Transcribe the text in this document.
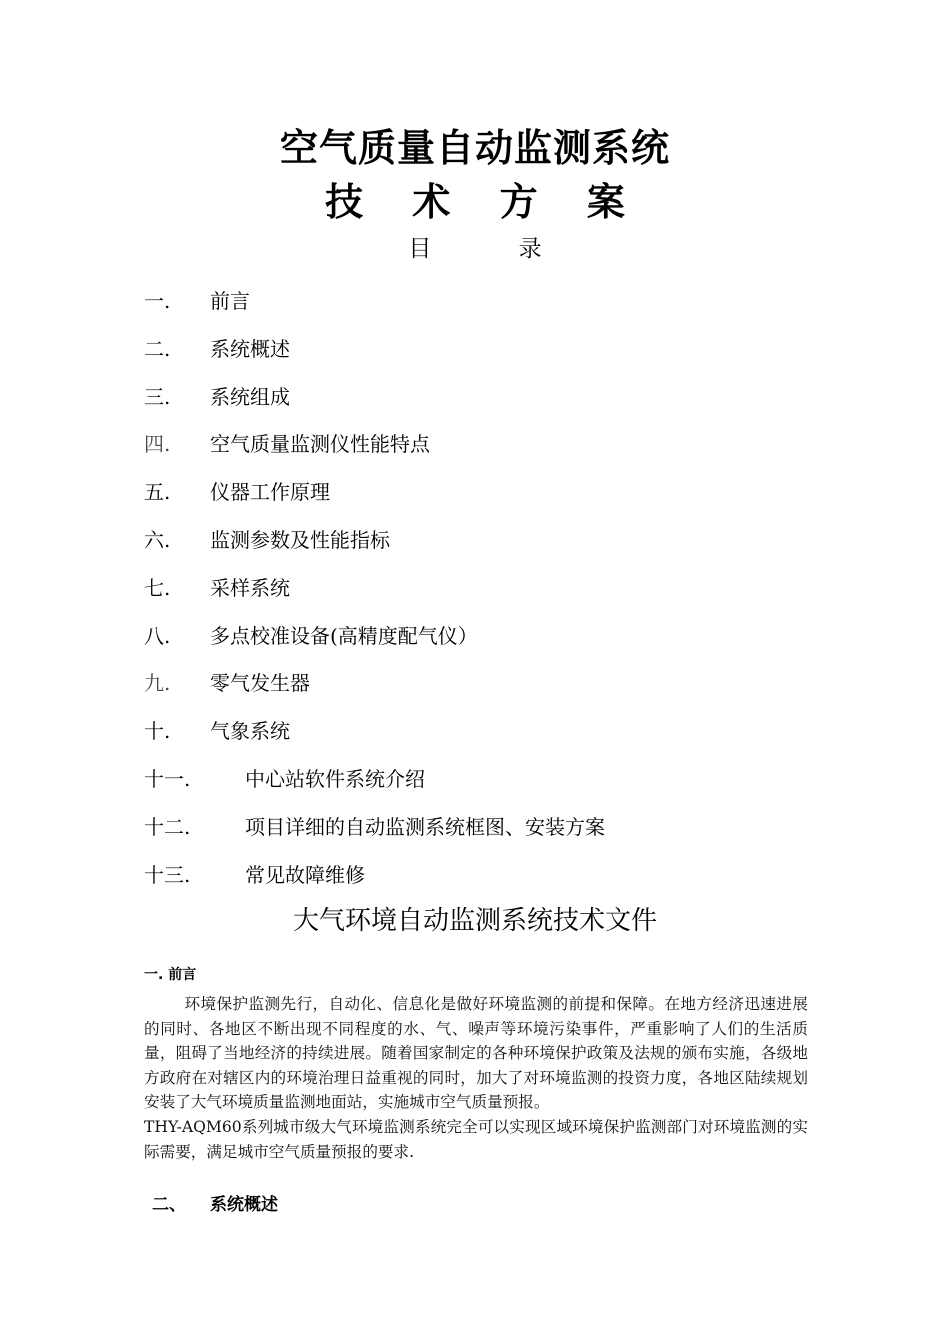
空气质量自动监测系统
技 术 方 案
目 录
一. 前言
二. 系统概述
三. 系统组成
四. 空气质量监测仪性能特点
五. 仪器工作原理
六. 监测参数及性能指标
七. 采样系统
八. 多点校准设备(高精度配气仪）
九. 零气发生器
十. 气象系统
十一.	中心站软件系统介绍
十二.	项目详细的自动监测系统框图、安装方案
十三.	常见故障维修
大气环境自动监测系统技术文件
一. 前言

环境保护监测先行，自动化、信息化是做好环境监测的前提和保障。在地方经济迅速进展的同时、各地区不断出现不同程度的水、气、噪声等环境污染事件，严重影响了人们的生活质量，阻碍了当地经济的持续进展。随着国家制定的各种环境保护政策及法规的颁布实施，各级地方政府在对辖区内的环境治理日益重视的同时，加大了对环境监测的投资力度，各地区陆续规划安装了大气环境质量监测地面站，实施城市空气质量预报。

THY-AQM60系列城市级大气环境监测系统完全可以实现区域环境保护监测部门对环境监测的实际需要，满足城市空气质量预报的要求.

二、 系统概述
